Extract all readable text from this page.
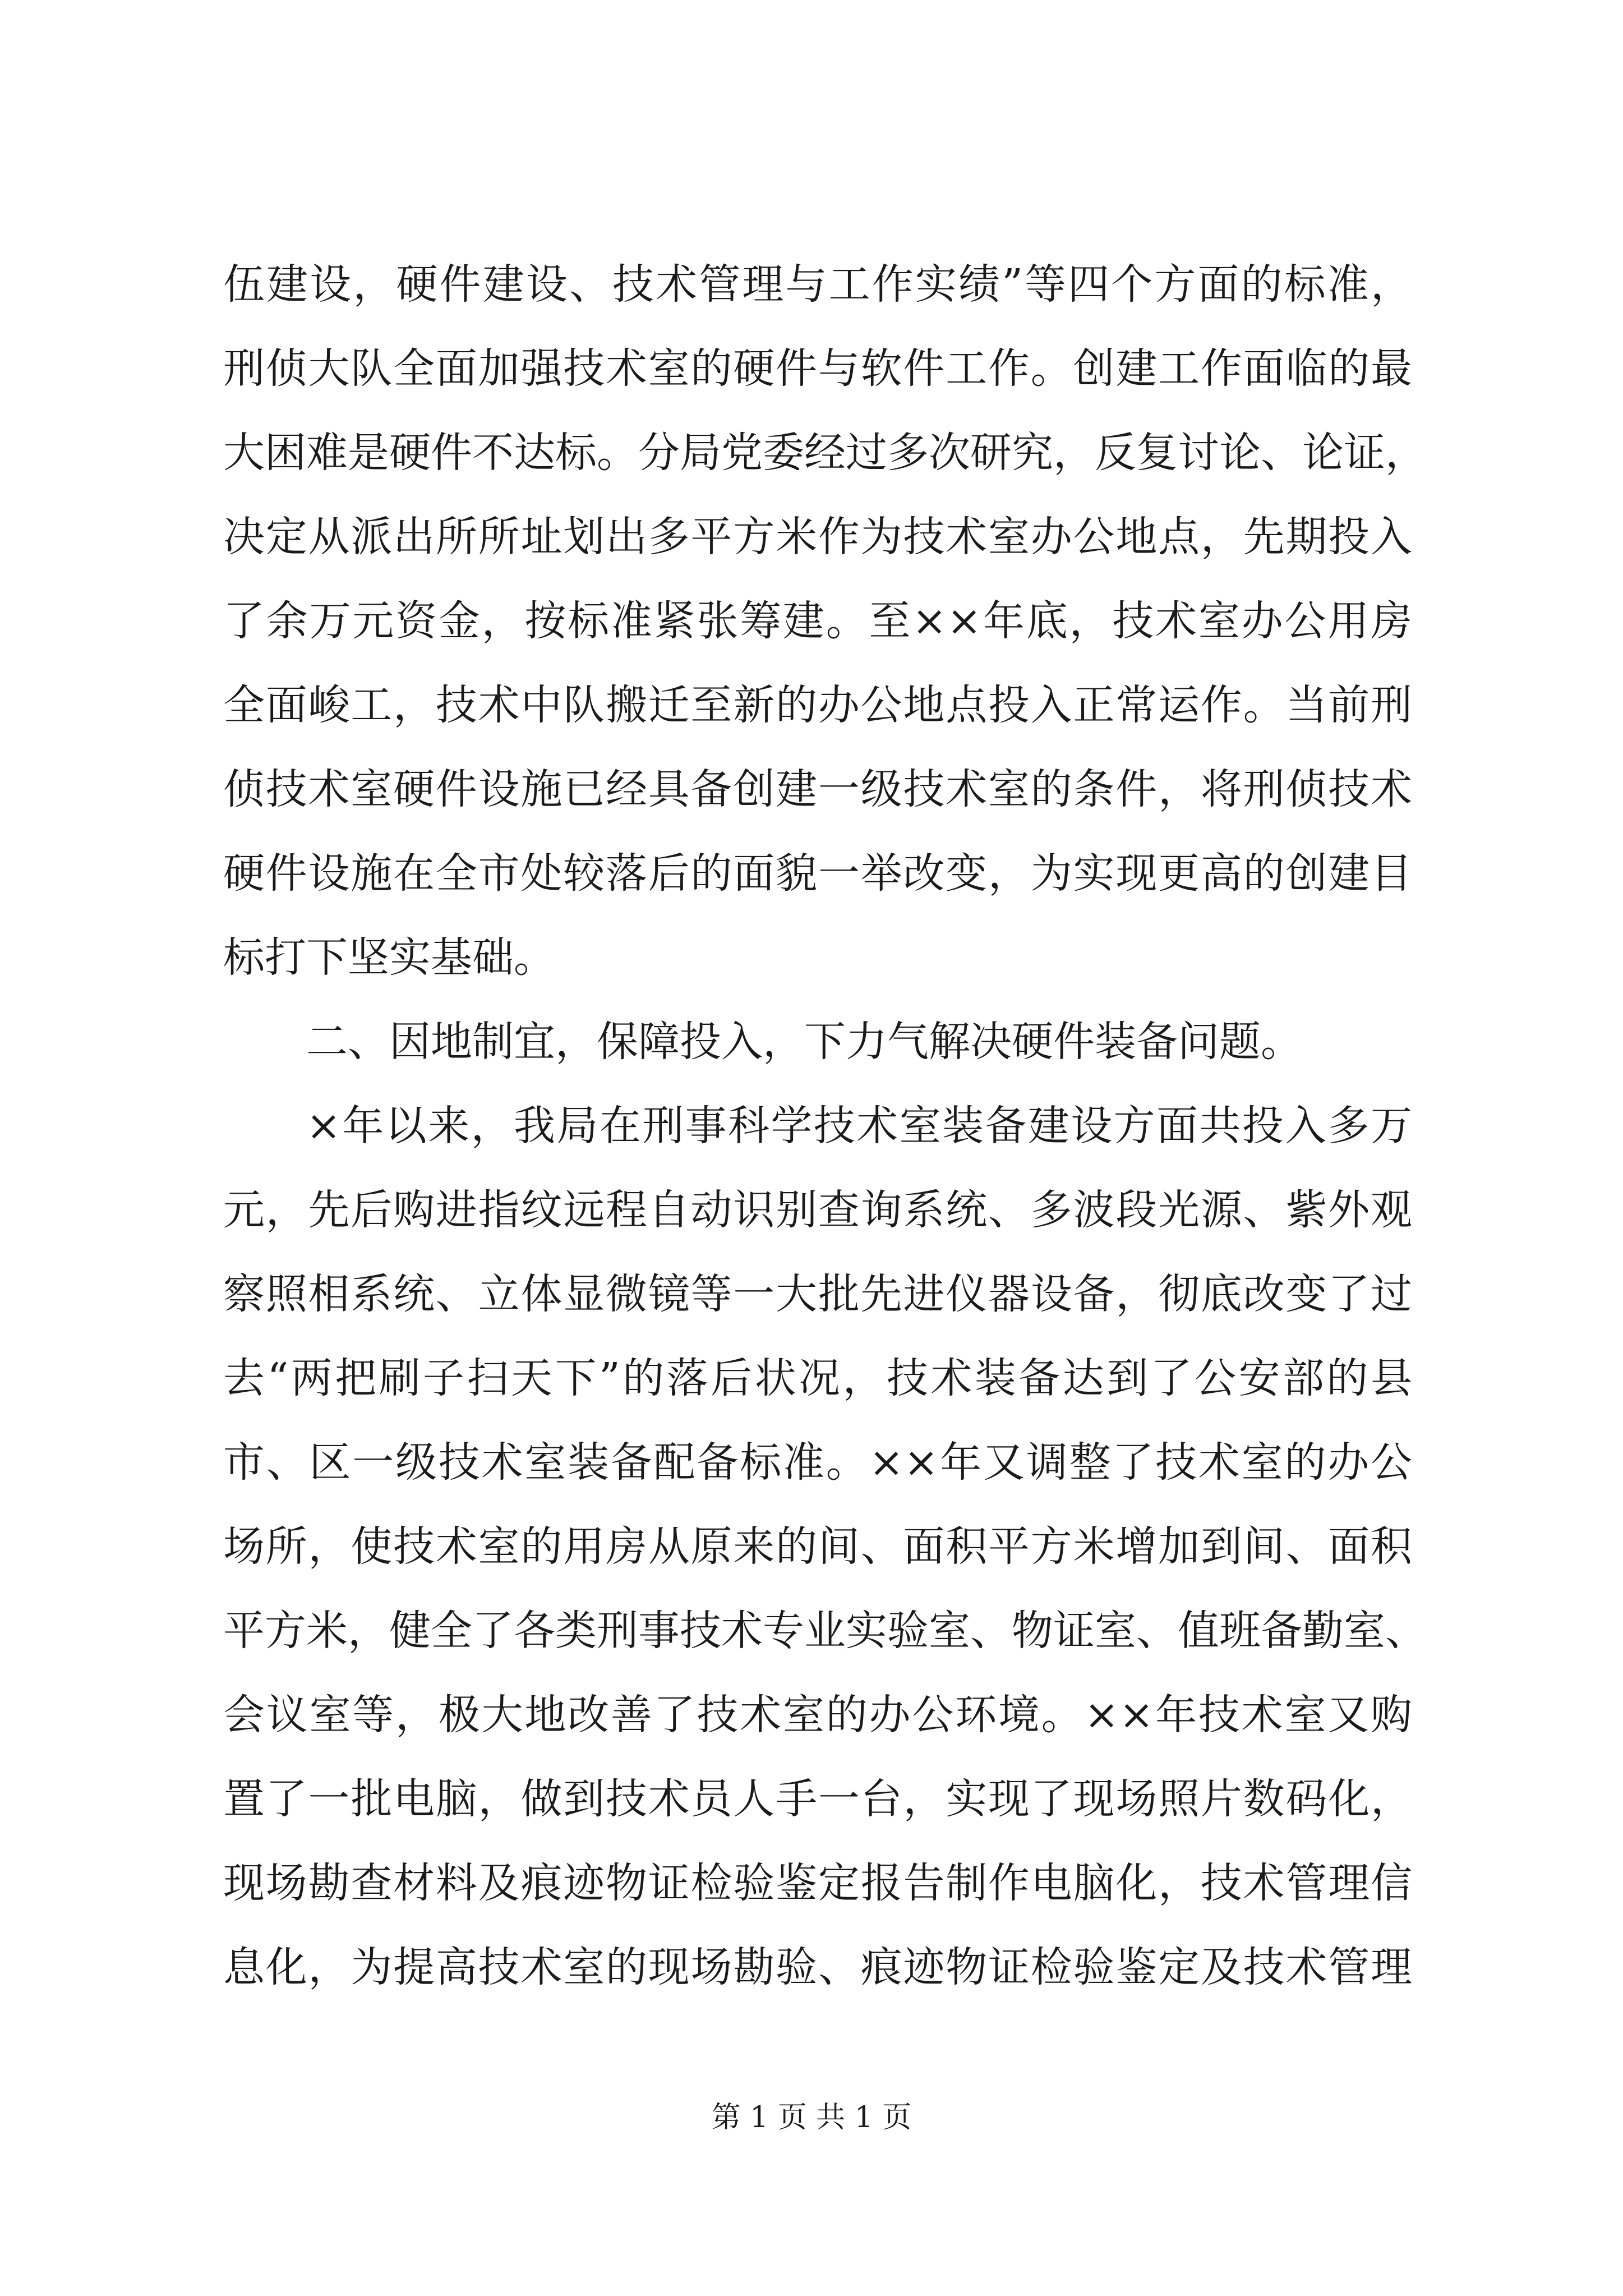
伍建设，硬件建设、技术管理与工作实绩”等四个方面的标准，
刑侦大队全面加强技术室的硬件与软件工作。创建工作面临的最
大困难是硬件不达标。分局党委经过多次研究，反复讨论、论证，
决定从派出所所址划出多平方米作为技术室办公地点，先期投入
了余万元资金，按标准紧张筹建。至××年底，技术室办公用房
全面峻工，技术中队搬迁至新的办公地点投入正常运作。当前刑
侦技术室硬件设施已经具备创建一级技术室的条件，将刑侦技术
硬件设施在全市处较落后的面貌一举改变，为实现更高的创建目
标打下坚实基础。
二、因地制宜，保障投入，下力气解决硬件装备问题。
×年以来，我局在刑事科学技术室装备建设方面共投入多万
元，先后购进指纹远程自动识别查询系统、多波段光源、紫外观
察照相系统、立体显微镜等一大批先进仪器设备，彻底改变了过
去“两把刷子扫天下”的落后状况，技术装备达到了公安部的县
市、区一级技术室装备配备标准。××年又调整了技术室的办公
场所，使技术室的用房从原来的间、面积平方米增加到间、面积
平方米，健全了各类刑事技术专业实验室、物证室、值班备勤室、
会议室等，极大地改善了技术室的办公环境。××年技术室又购
置了一批电脑，做到技术员人手一台，实现了现场照片数码化，
现场勘查材料及痕迹物证检验鉴定报告制作电脑化，技术管理信
息化，为提高技术室的现场勘验、痕迹物证检验鉴定及技术管理
第 1 页 共 1 页
